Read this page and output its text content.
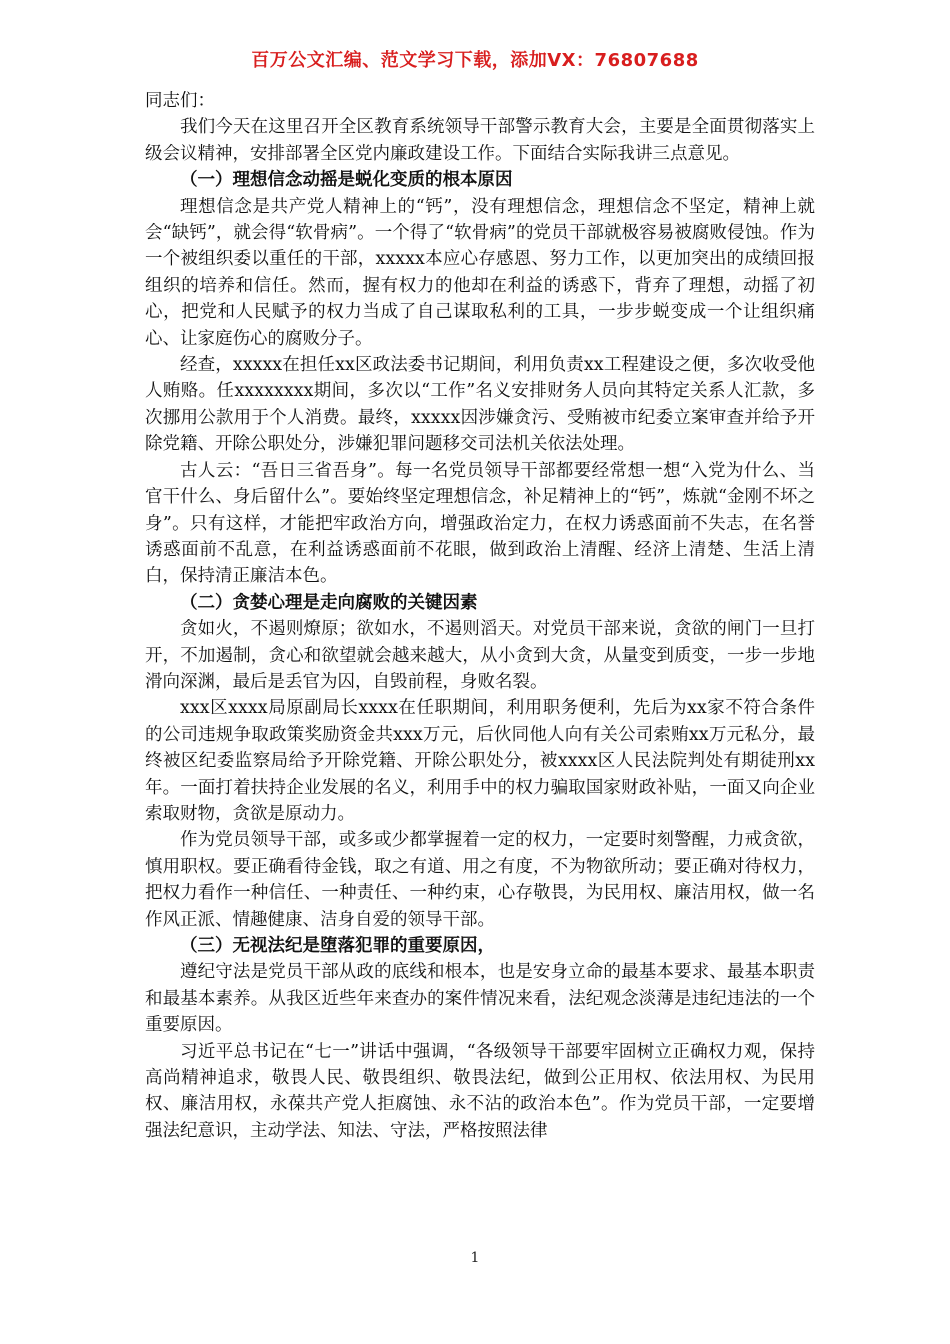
百万公文汇编、范文学习下载，添加VX：76807688

同志们：

我们今天在这里召开全区教育系统领导干部警示教育大会，主要是全面贯彻落实上级会议精神，安排部署全区党内廉政建设工作。下面结合实际我讲三点意见。

（一）理想信念动摇是蜕化变质的根本原因

理想信念是共产党人精神上的“钙”，没有理想信念，理想信念不坚定，精神上就会“缺钙”，就会得“软骨病”。一个得了“软骨病”的党员干部就极容易被腐败侵蚀。作为一个被组织委以重任的干部，xxxxx本应心存感恩、努力工作，以更加突出的成绩回报组织的培养和信任。然而，握有权力的他却在利益的诱惑下，背弃了理想，动摇了初心，把党和人民赋予的权力当成了自己谋取私利的工具，一步步蜕变成一个让组织痛心、让家庭伤心的腐败分子。

经查，xxxxx在担任xx区政法委书记期间，利用负责xx工程建设之便，多次收受他人贿赂。任xxxxxxxx期间，多次以“工作”名义安排财务人员向其特定关系人汇款，多次挪用公款用于个人消费。最终，xxxxx因涉嫌贪污、受贿被市纪委立案审查并给予开除党籍、开除公职处分，涉嫌犯罪问题移交司法机关依法处理。

古人云：“吾日三省吾身”。每一名党员领导干部都要经常想一想“入党为什么、当官干什么、身后留什么”。要始终坚定理想信念，补足精神上的“钙”，炼就“金刚不坏之身”。只有这样，才能把牢政治方向，增强政治定力，在权力诱惑面前不失志，在名誉诱惑面前不乱意，在利益诱惑面前不花眼，做到政治上清醒、经济上清楚、生活上清白，保持清正廉洁本色。

（二）贪婪心理是走向腐败的关键因素

贪如火，不遏则燎原；欲如水，不遏则滔天。对党员干部来说，贪欲的闸门一旦打开，不加遏制，贪心和欲望就会越来越大，从小贪到大贪，从量变到质变，一步一步地滑向深渊，最后是丢官为囚，自毁前程，身败名裂。

xxx区xxxx局原副局长xxxx在任职期间，利用职务便利，先后为xx家不符合条件的公司违规争取政策奖励资金共xxx万元，后伙同他人向有关公司索贿xx万元私分，最终被区纪委监察局给予开除党籍、开除公职处分，被xxxx区人民法院判处有期徒刑xx年。一面打着扶持企业发展的名义，利用手中的权力骗取国家财政补贴，一面又向企业索取财物，贪欲是原动力。

作为党员领导干部，或多或少都掌握着一定的权力，一定要时刻警醒，力戒贪欲，慎用职权。要正确看待金钱，取之有道、用之有度，不为物欲所动；要正确对待权力，把权力看作一种信任、一种责任、一种约束，心存敬畏，为民用权、廉洁用权，做一名作风正派、情趣健康、洁身自爱的领导干部。

（三）无视法纪是堕落犯罪的重要原因，

遵纪守法是党员干部从政的底线和根本，也是安身立命的最基本要求、最基本职责和最基本素养。从我区近些年来查办的案件情况来看，法纪观念淡薄是违纪违法的一个重要原因。

习近平总书记在“七一”讲话中强调，“各级领导干部要牢固树立正确权力观，保持高尚精神追求，敬畏人民、敬畏组织、敬畏法纪，做到公正用权、依法用权、为民用权、廉洁用权，永葆共产党人拒腐蚀、永不沾的政治本色”。作为党员干部，一定要增强法纪意识，主动学法、知法、守法，严格按照法律

1
